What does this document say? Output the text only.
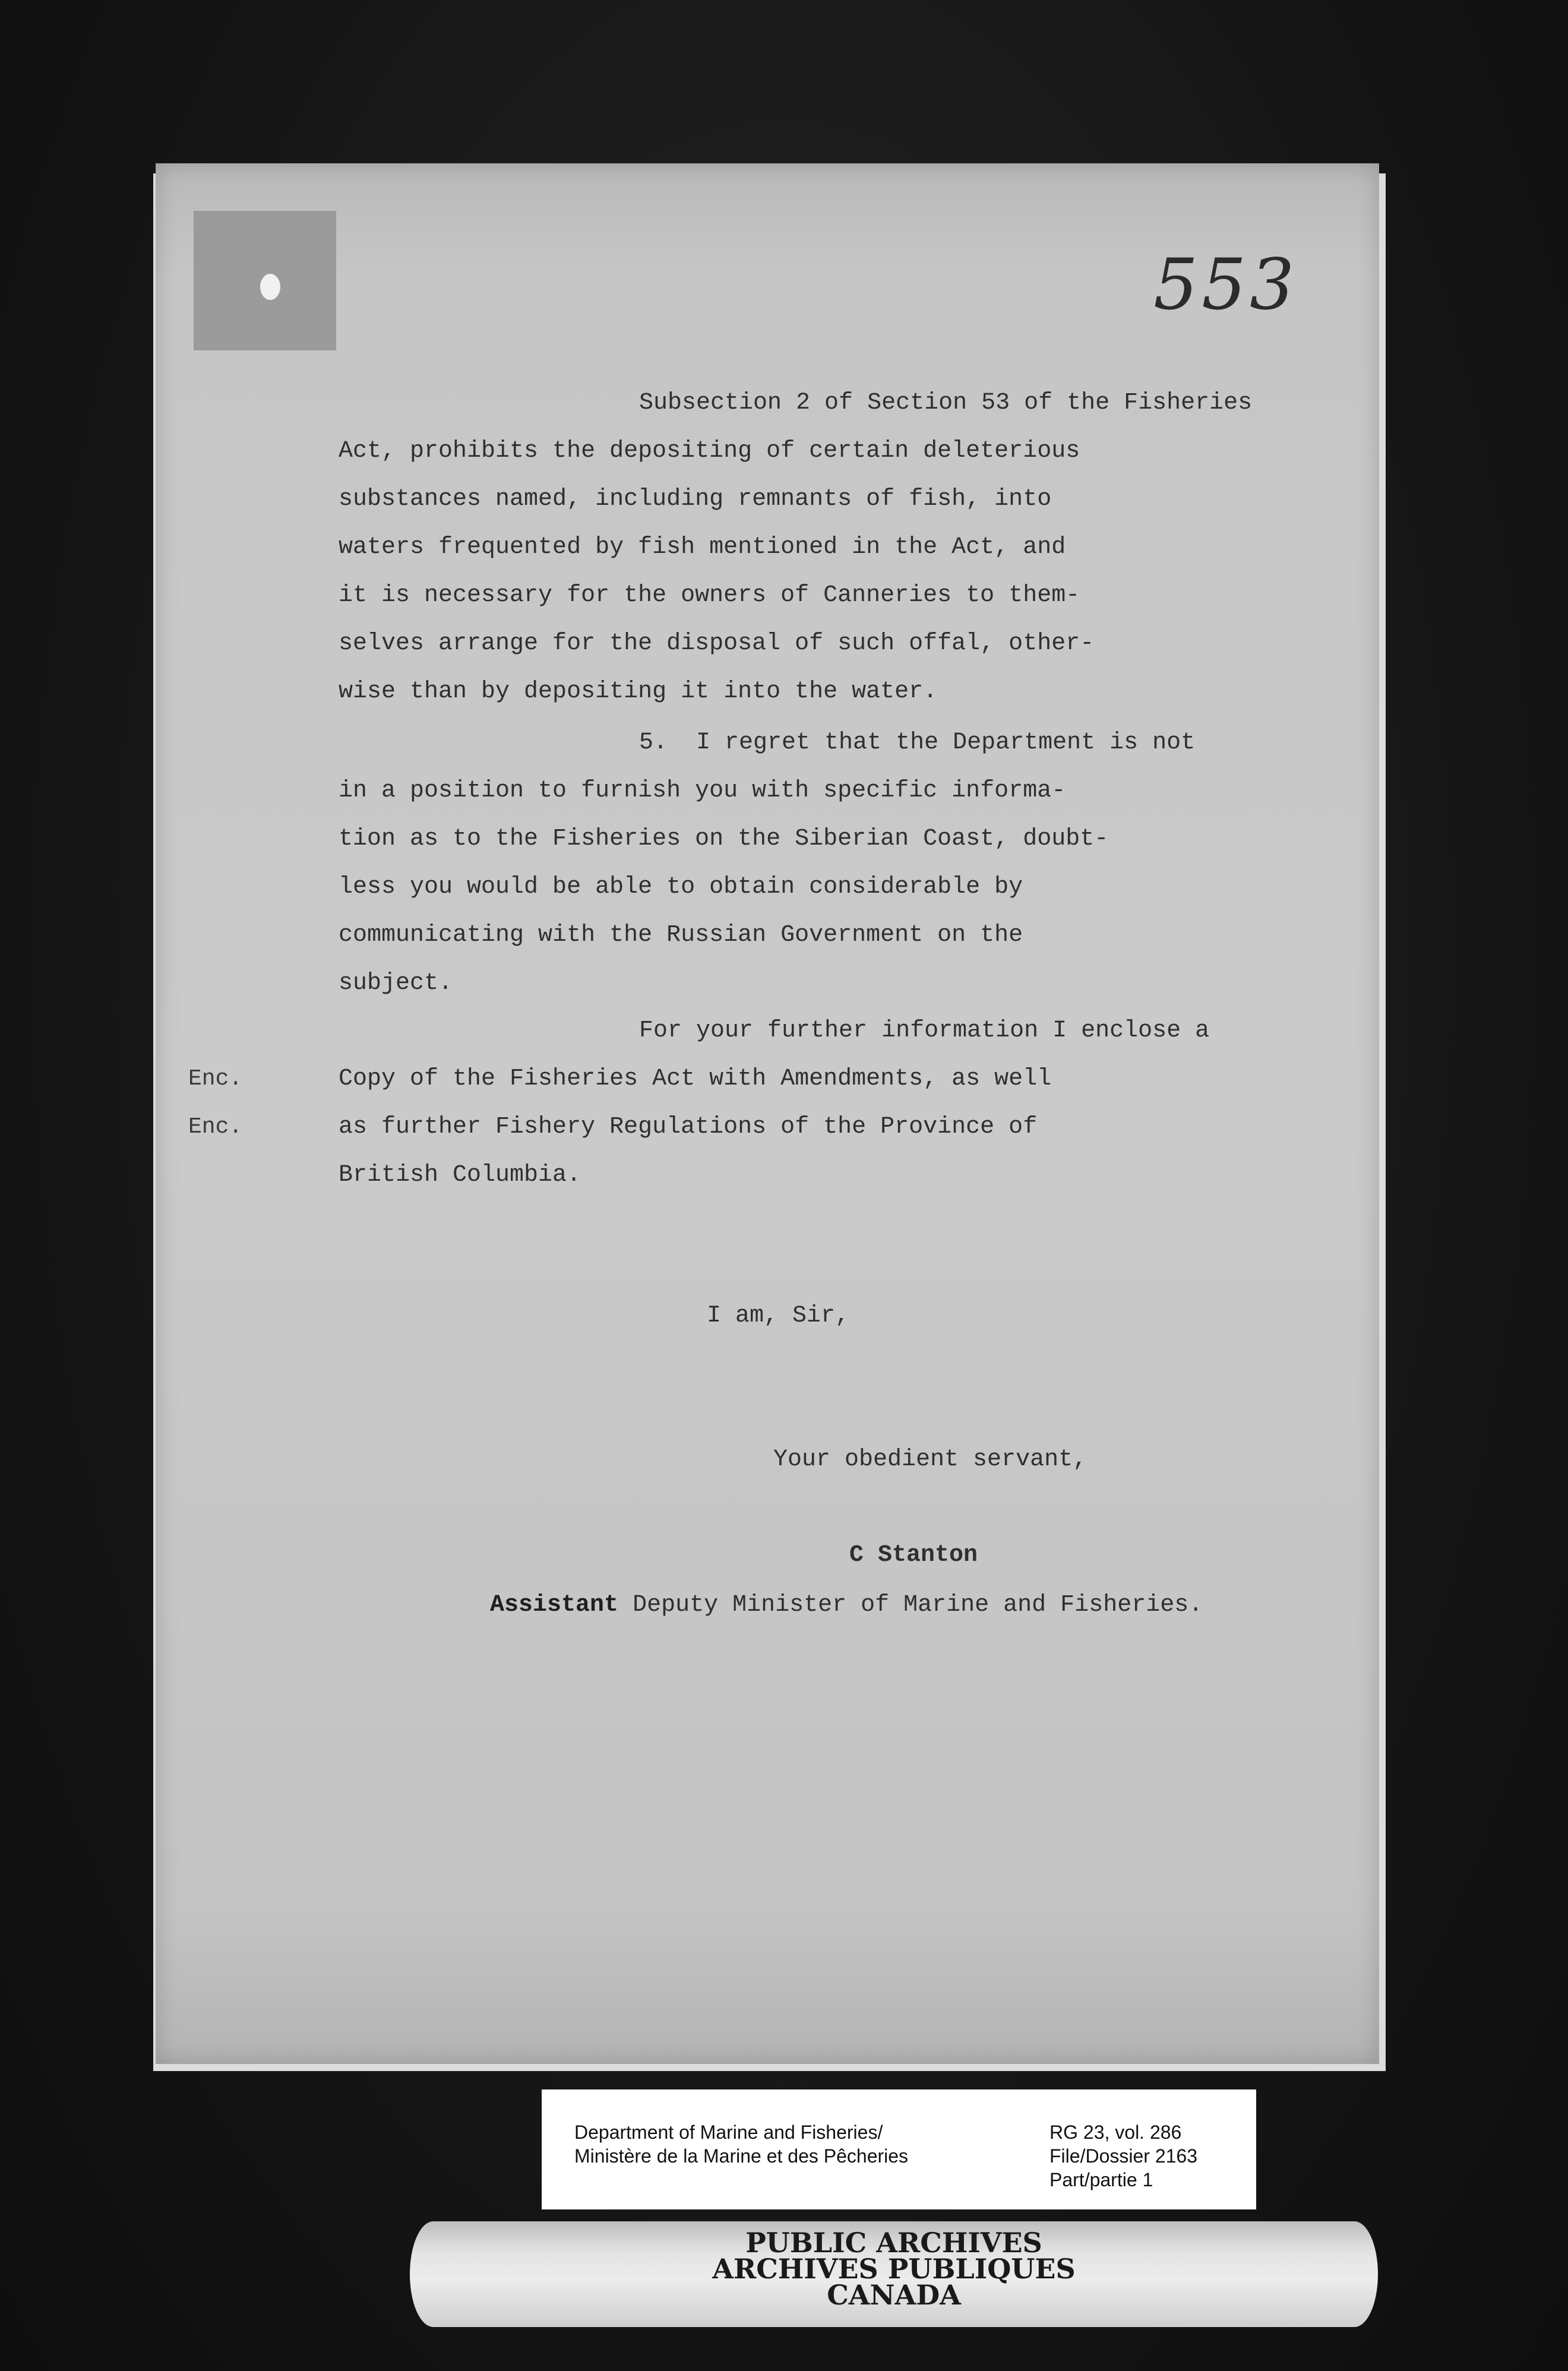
553
Subsection 2 of Section 53 of the Fisheries
Act, prohibits the depositing of certain deleterious
substances named, including remnants of fish, into
waters frequented by fish mentioned in the Act, and
it is necessary for the owners of Canneries to them-
selves arrange for the disposal of such offal, other-
wise than by depositing it into the water.
5.  I regret that the Department is not
in a position to furnish you with specific informa-
tion as to the Fisheries on the Siberian Coast, doubt-
less you would be able to obtain considerable by
communicating with the Russian Government on the
subject.
For your further information I enclose a
Copy of the Fisheries Act with Amendments, as well
as further Fishery Regulations of the Province of
British Columbia.
Enc.
Enc.
I am, Sir,
Your obedient servant,
C Stanton
Assistant Deputy Minister of Marine and Fisheries.
Department of Marine and Fisheries/
Ministère de la Marine et des Pêcheries
RG 23, vol. 286
File/Dossier 2163
Part/partie 1
PUBLIC ARCHIVES
ARCHIVES PUBLIQUES
CANADA
